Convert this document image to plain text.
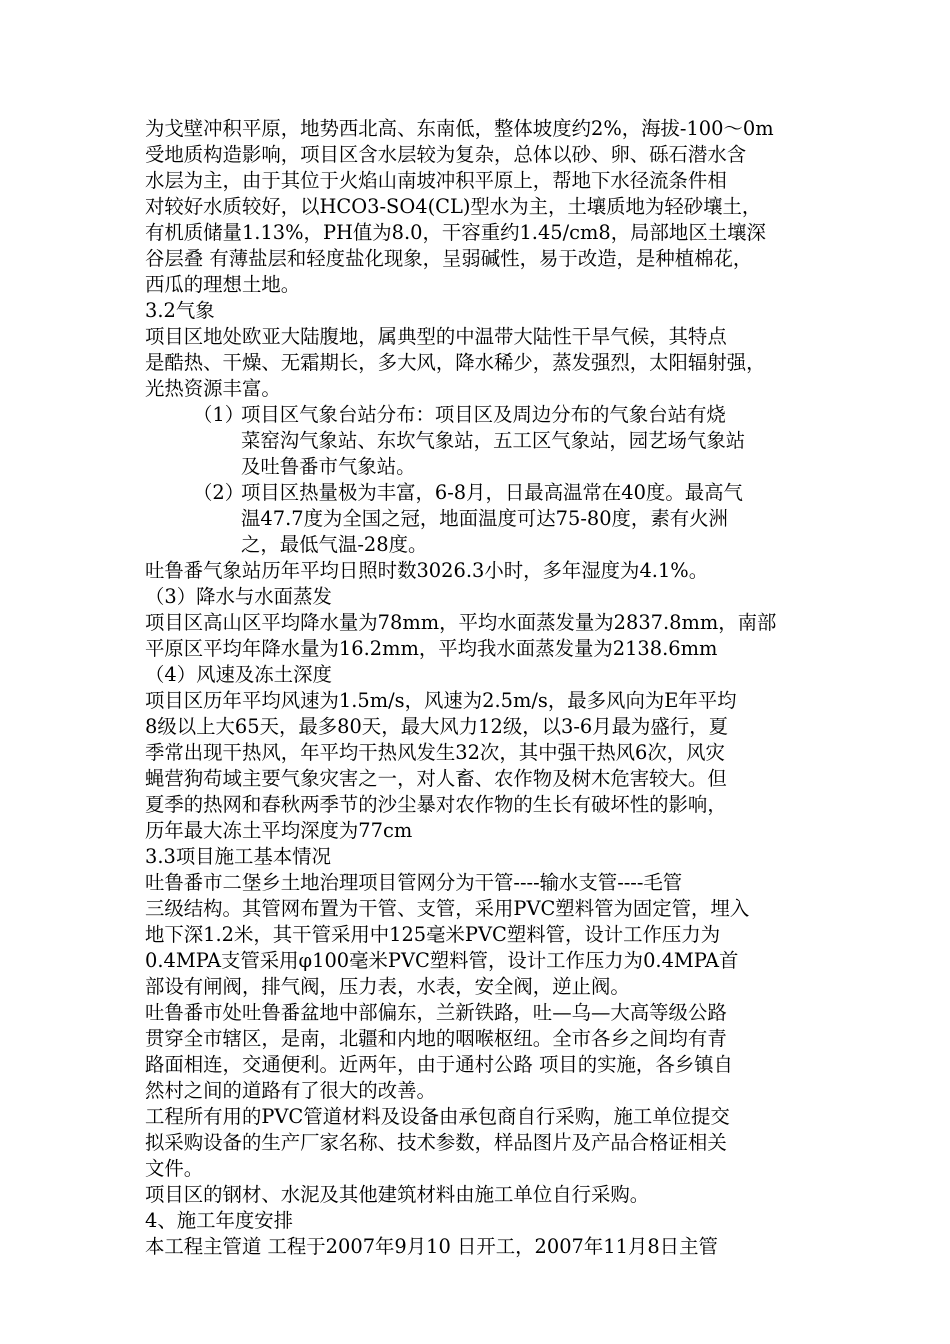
为戈壁冲积平原，地势西北高、东南低，整体坡度约2%，海拔-100～0m
受地质构造影响，项目区含水层较为复杂，总体以砂、卵、砾石潜水含
水层为主，由于其位于火焰山南坡冲积平原上，帮地下水径流条件相
对较好水质较好，以HCO3-SO4(CL)型水为主，土壤质地为轻砂壤土，
有机质储量1.13%，PH值为8.0，干容重约1.45/cm8，局部地区土壤深
谷层叠 有薄盐层和轻度盐化现象，呈弱碱性，易于改造，是种植棉花，
西瓜的理想土地。
3.2气象
项目区地处欧亚大陆腹地，属典型的中温带大陆性干旱气候，其特点
是酷热、干燥、无霜期长，多大风，降水稀少，蒸发强烈，太阳辐射强，
光热资源丰富。
（1）项目区气象台站分布：项目区及周边分布的气象台站有烧
菜窑沟气象站、东坎气象站，五工区气象站，园艺场气象站
及吐鲁番市气象站。
（2）项目区热量极为丰富，6-8月，日最高温常在40度。最高气
温47.7度为全国之冠，地面温度可达75-80度，素有火洲
之，最低气温-28度。
吐鲁番气象站历年平均日照时数3026.3小时，多年湿度为4.1%。
（3）降水与水面蒸发
项目区高山区平均降水量为78mm，平均水面蒸发量为2837.8mm，南部
平原区平均年降水量为16.2mm，平均我水面蒸发量为2138.6mm
（4）风速及冻土深度
项目区历年平均风速为1.5m/s，风速为2.5m/s，最多风向为E年平均
8级以上大65天，最多80天，最大风力12级，以3-6月最为盛行，夏
季常出现干热风，年平均干热风发生32次，其中强干热风6次，风灾
蝇营狗苟域主要气象灾害之一，对人畜、农作物及树木危害较大。但
夏季的热网和春秋两季节的沙尘暴对农作物的生长有破坏性的影响，
历年最大冻土平均深度为77cm
3.3项目施工基本情况
吐鲁番市二堡乡土地治理项目管网分为干管----输水支管----毛管
三级结构。其管网布置为干管、支管，采用PVC塑料管为固定管，埋入
地下深1.2米，其干管采用中125毫米PVC塑料管，设计工作压力为
0.4MPA支管采用φ100毫米PVC塑料管，设计工作压力为0.4MPA首
部设有闸阀，排气阀，压力表，水表，安全阀，逆止阀。
吐鲁番市处吐鲁番盆地中部偏东，兰新铁路，吐—乌—大高等级公路
贯穿全市辖区，是南，北疆和内地的咽喉枢纽。全市各乡之间均有青
路面相连，交通便利。近两年，由于通村公路 项目的实施，各乡镇自
然村之间的道路有了很大的改善。
工程所有用的PVC管道材料及设备由承包商自行采购，施工单位提交
拟采购设备的生产厂家名称、技术参数，样品图片及产品合格证相关
文件。
项目区的钢材、水泥及其他建筑材料由施工单位自行采购。
4、施工年度安排
本工程主管道 工程于2007年9月10 日开工，2007年11月8日主管
